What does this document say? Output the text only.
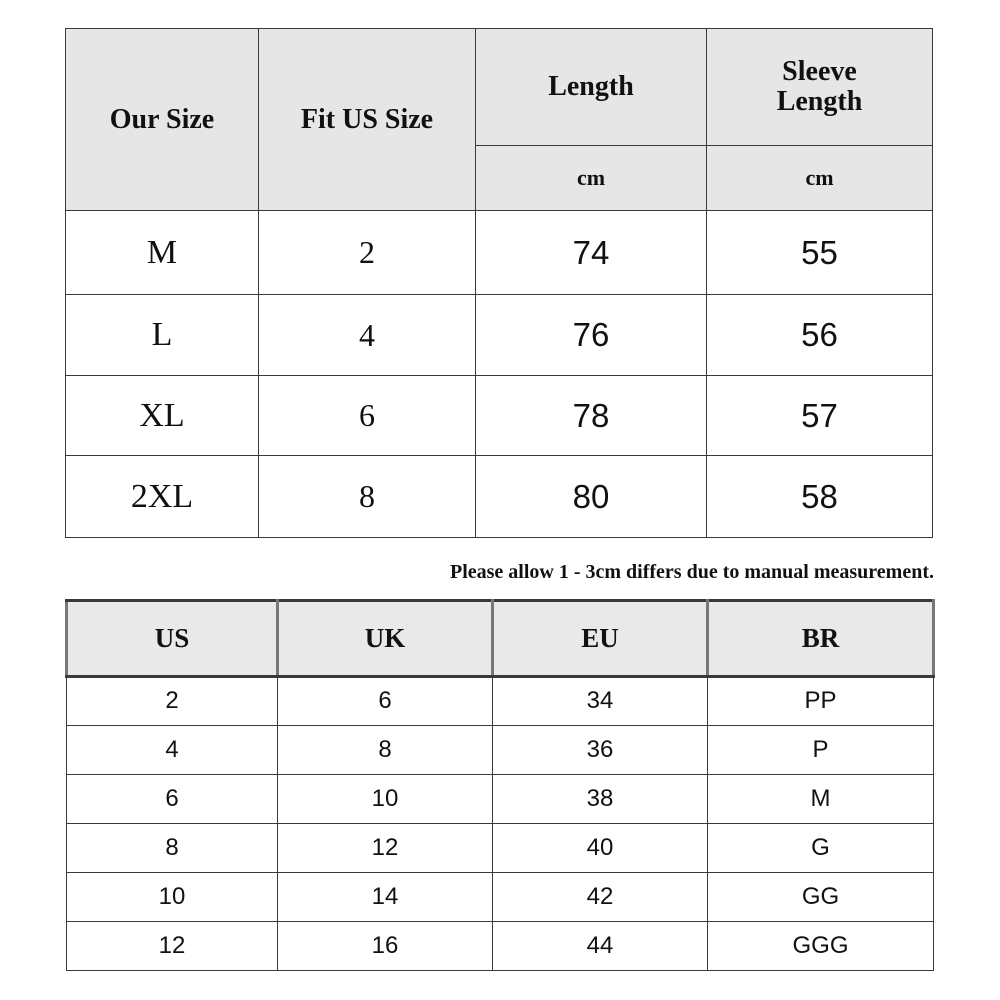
Our Size	Fit US Size	Length	Sleeve
Length
		cm	cm
M	2	74	55
L	4	76	56
XL	6	78	57
2XL	8	80	58
Please allow 1 - 3cm differs due to manual measurement.
US	UK	EU	BR
2	6	34	PP
4	8	36	P
6	10	38	M
8	12	40	G
10	14	42	GG
12	16	44	GGG
